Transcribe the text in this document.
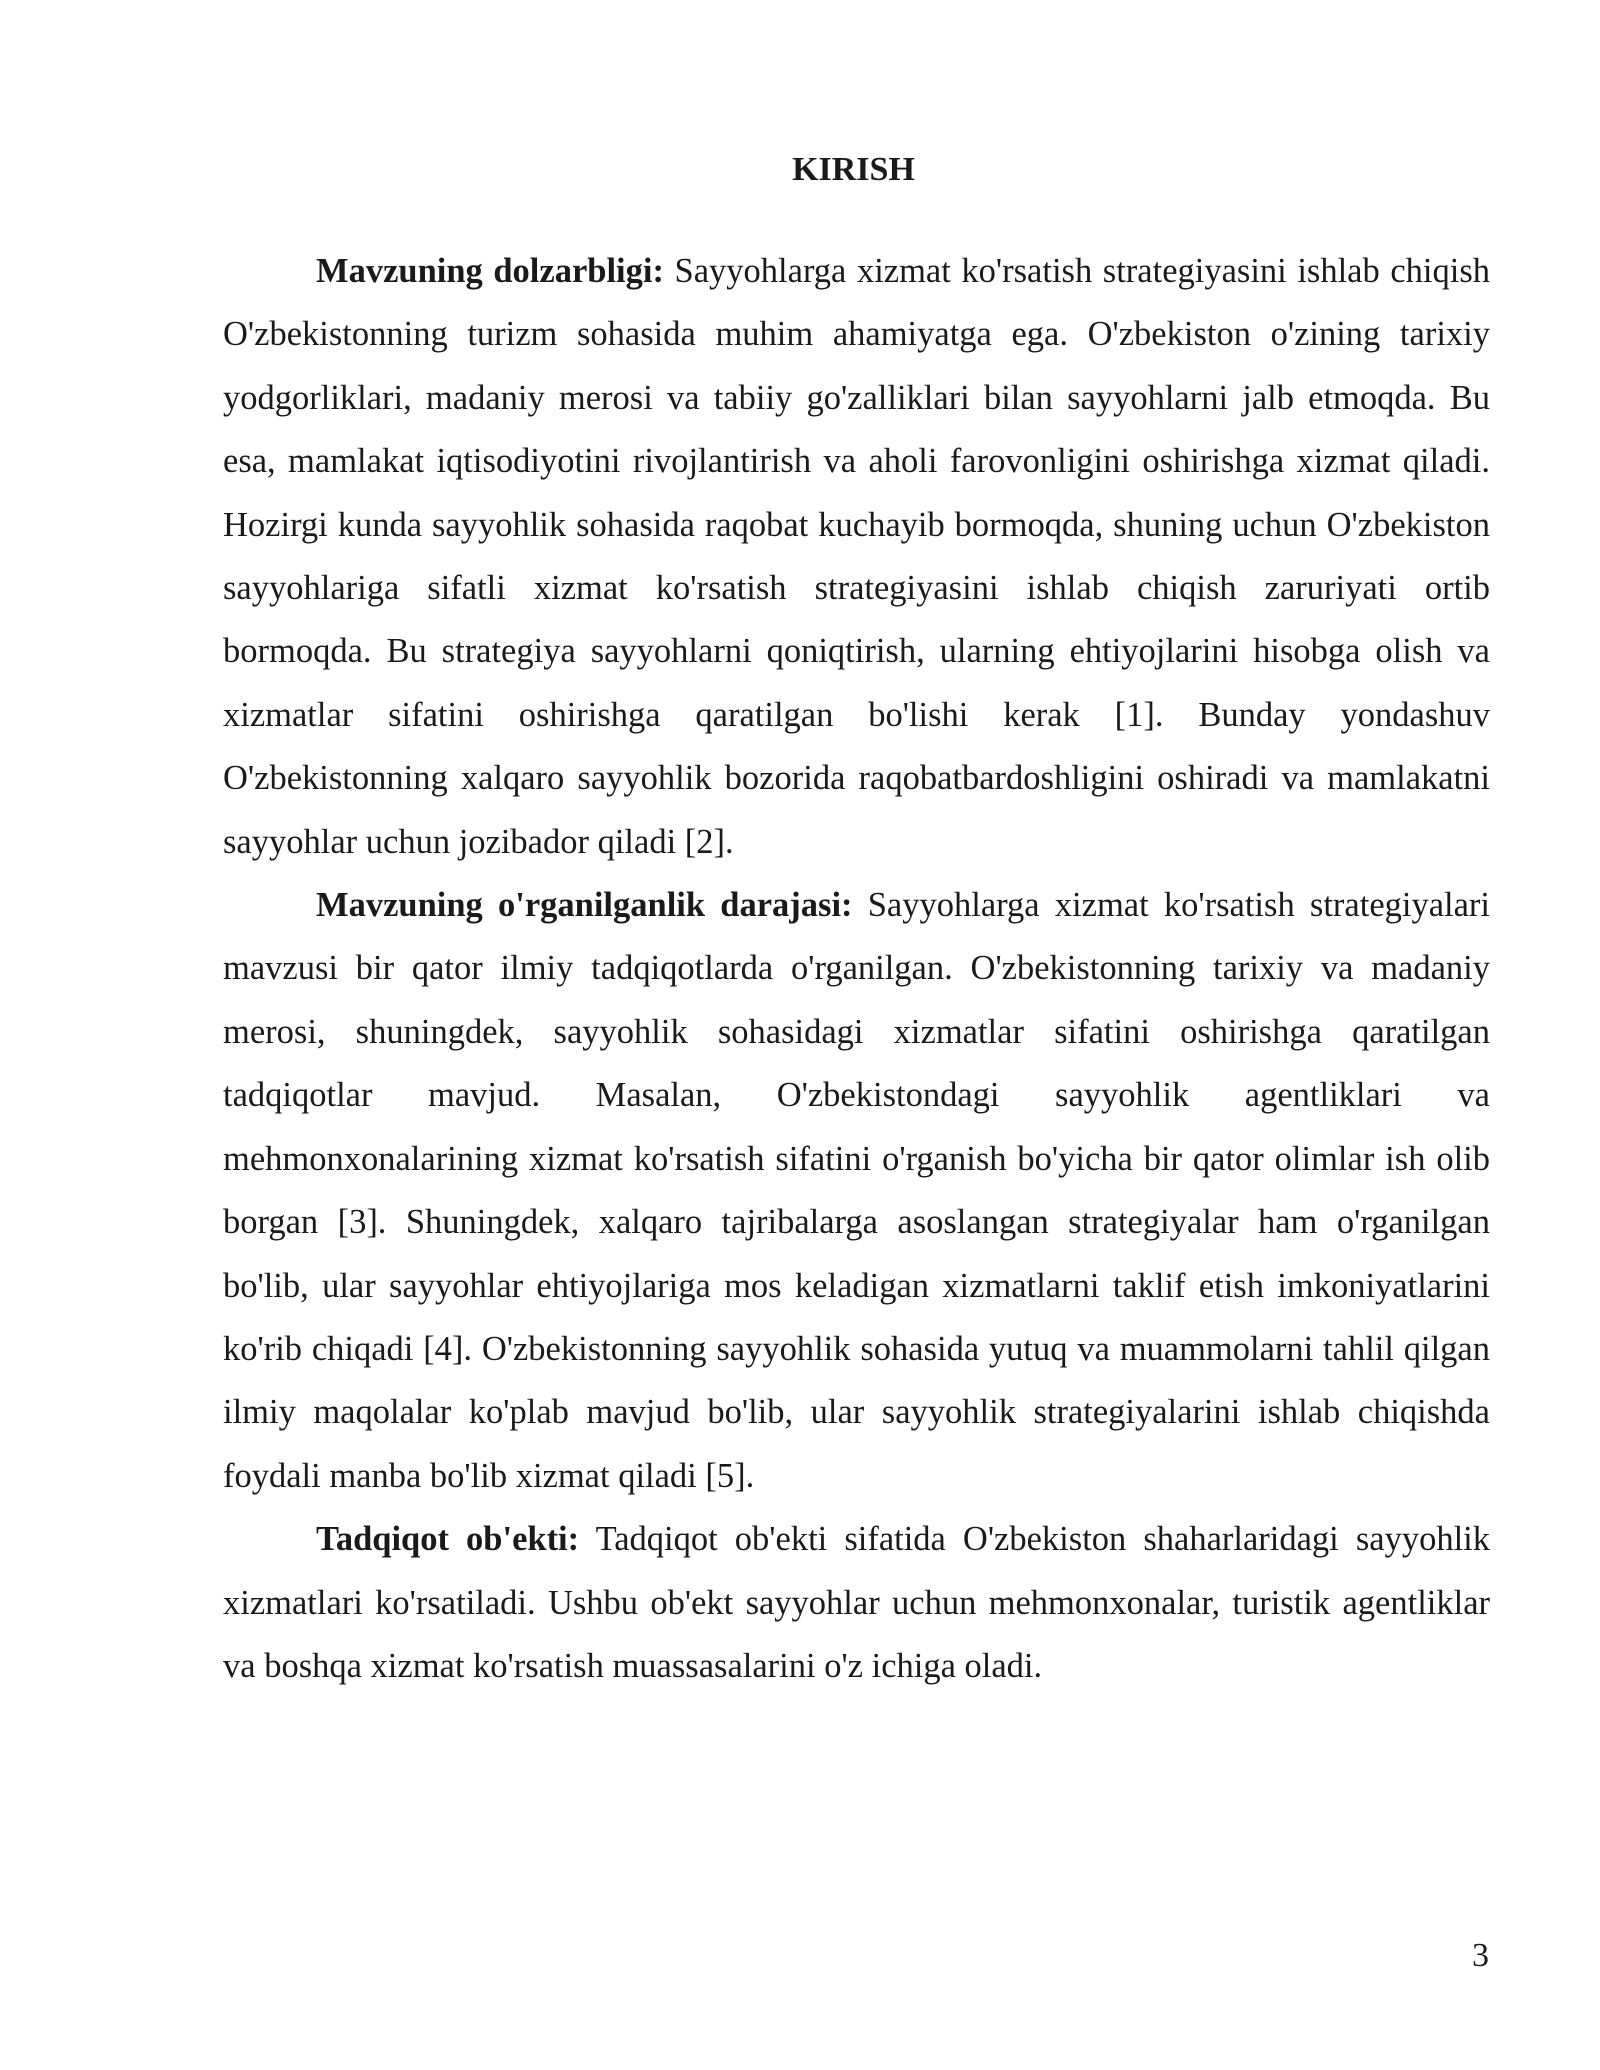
KIRISH

Mavzuning dolzarbligi: Sayyohlarga xizmat ko'rsatish strategiyasini ishlab chiqish O'zbekistonning turizm sohasida muhim ahamiyatga ega. O'zbekiston o'zining tarixiy yodgorliklari, madaniy merosi va tabiiy go'zalliklari bilan sayyohlarni jalb etmoqda. Bu esa, mamlakat iqtisodiyotini rivojlantirish va aholi farovonligini oshirishga xizmat qiladi. Hozirgi kunda sayyohlik sohasida raqobat kuchayib bormoqda, shuning uchun O'zbekiston sayyohlariga sifatli xizmat ko'rsatish strategiyasini ishlab chiqish zaruriyati ortib bormoqda. Bu strategiya sayyohlarni qoniqtirish, ularning ehtiyojlarini hisobga olish va xizmatlar sifatini oshirishga qaratilgan bo'lishi kerak [1]. Bunday yondashuv O'zbekistonning xalqaro sayyohlik bozorida raqobatbardoshligini oshiradi va mamlakatni sayyohlar uchun jozibador qiladi [2].

Mavzuning o'rganilganlik darajasi: Sayyohlarga xizmat ko'rsatish strategiyalari mavzusi bir qator ilmiy tadqiqotlarda o'rganilgan. O'zbekistonning tarixiy va madaniy merosi, shuningdek, sayyohlik sohasidagi xizmatlar sifatini oshirishga qaratilgan tadqiqotlar mavjud. Masalan, O'zbekistondagi sayyohlik agentliklari va mehmonxonalarining xizmat ko'rsatish sifatini o'rganish bo'yicha bir qator olimlar ish olib borgan [3]. Shuningdek, xalqaro tajribalarga asoslangan strategiyalar ham o'rganilgan bo'lib, ular sayyohlar ehtiyojlariga mos keladigan xizmatlarni taklif etish imkoniyatlarini ko'rib chiqadi [4]. O'zbekistonning sayyohlik sohasida yutuq va muammolarni tahlil qilgan ilmiy maqolalar ko'plab mavjud bo'lib, ular sayyohlik strategiyalarini ishlab chiqishda foydali manba bo'lib xizmat qiladi [5].

Tadqiqot ob'ekti: Tadqiqot ob'ekti sifatida O'zbekiston shaharlaridagi sayyohlik xizmatlari ko'rsatiladi. Ushbu ob'ekt sayyohlar uchun mehmonxonalar, turistik agentliklar va boshqa xizmat ko'rsatish muassasalarini o'z ichiga oladi.

3
